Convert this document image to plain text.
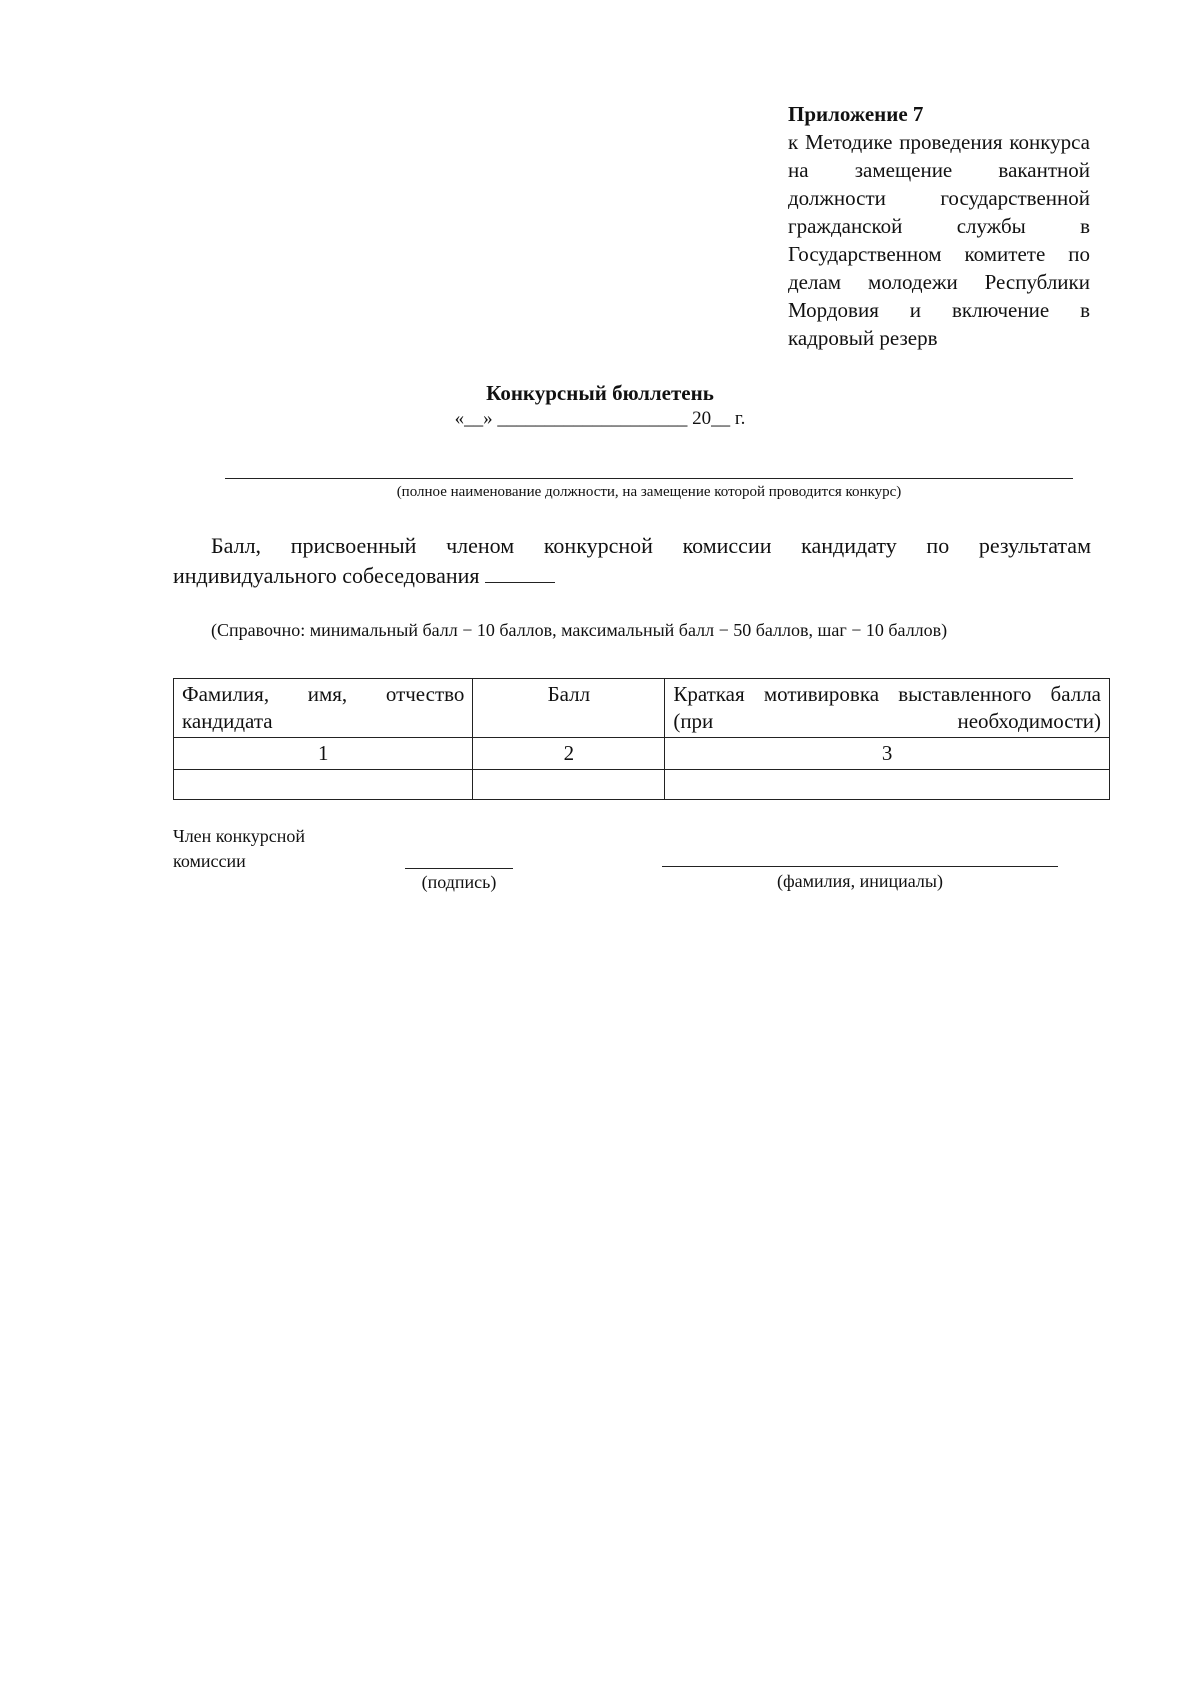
Приложение 7
к Методике проведения конкурса на замещение вакантной должности государственной гражданской службы в Государственном комитете по делам молодежи Республики Мордовия и включение в кадровый резерв
Конкурсный бюллетень
«__» ____________________ 20__ г.
(полное наименование должности, на замещение которой проводится конкурс)
Балл, присвоенный членом конкурсной комиссии кандидату по результатам индивидуального собеседования
(Справочно: минимальный балл − 10 баллов, максимальный балл − 50 баллов, шаг − 10 баллов)
Фамилия, имя, отчество кандидата	Балл	Краткая мотивировка выставленного балла (при необходимости)
1	2	3

Член конкурсной
комиссии
(подпись)	(фамилия, инициалы)
